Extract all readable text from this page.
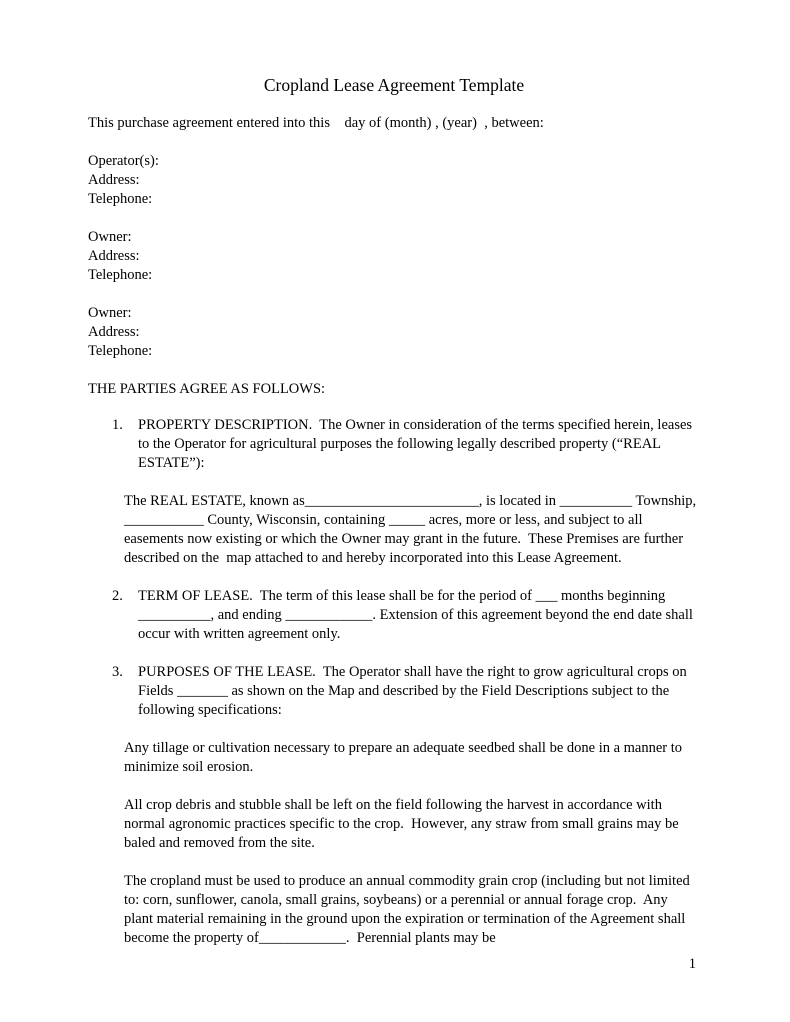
Cropland Lease Agreement Template

This purchase agreement entered into this    day of (month) , (year)  , between:

Operator(s):

Address:

Telephone:

Owner:

Address:

Telephone:

Owner:

Address:

Telephone:

THE PARTIES AGREE AS FOLLOWS:

1.	PROPERTY DESCRIPTION.  The Owner in consideration of the terms specified herein, leases to the Operator for agricultural purposes the following legally described property (“REAL ESTATE”):

The REAL ESTATE, known as________________________, is located in __________ Township, ___________ County, Wisconsin, containing _____ acres, more or less, and subject to all easements now existing or which the Owner may grant in the future.  These Premises are further described on the  map attached to and hereby incorporated into this Lease Agreement.

2.	TERM OF LEASE.  The term of this lease shall be for the period of ___ months beginning __________, and ending ____________. Extension of this agreement beyond the end date shall occur with written agreement only.

3.	PURPOSES OF THE LEASE.  The Operator shall have the right to grow agricultural crops on Fields _______ as shown on the Map and described by the Field Descriptions subject to the following specifications:

Any tillage or cultivation necessary to prepare an adequate seedbed shall be done in a manner to minimize soil erosion.

All crop debris and stubble shall be left on the field following the harvest in accordance with normal agronomic practices specific to the crop.  However, any straw from small grains may be baled and removed from the site.

The cropland must be used to produce an annual commodity grain crop (including but not limited to: corn, sunflower, canola, small grains, soybeans) or a perennial or annual forage crop.  Any plant material remaining in the ground upon the expiration or termination of the Agreement shall become the property of____________.  Perennial plants may be

1
